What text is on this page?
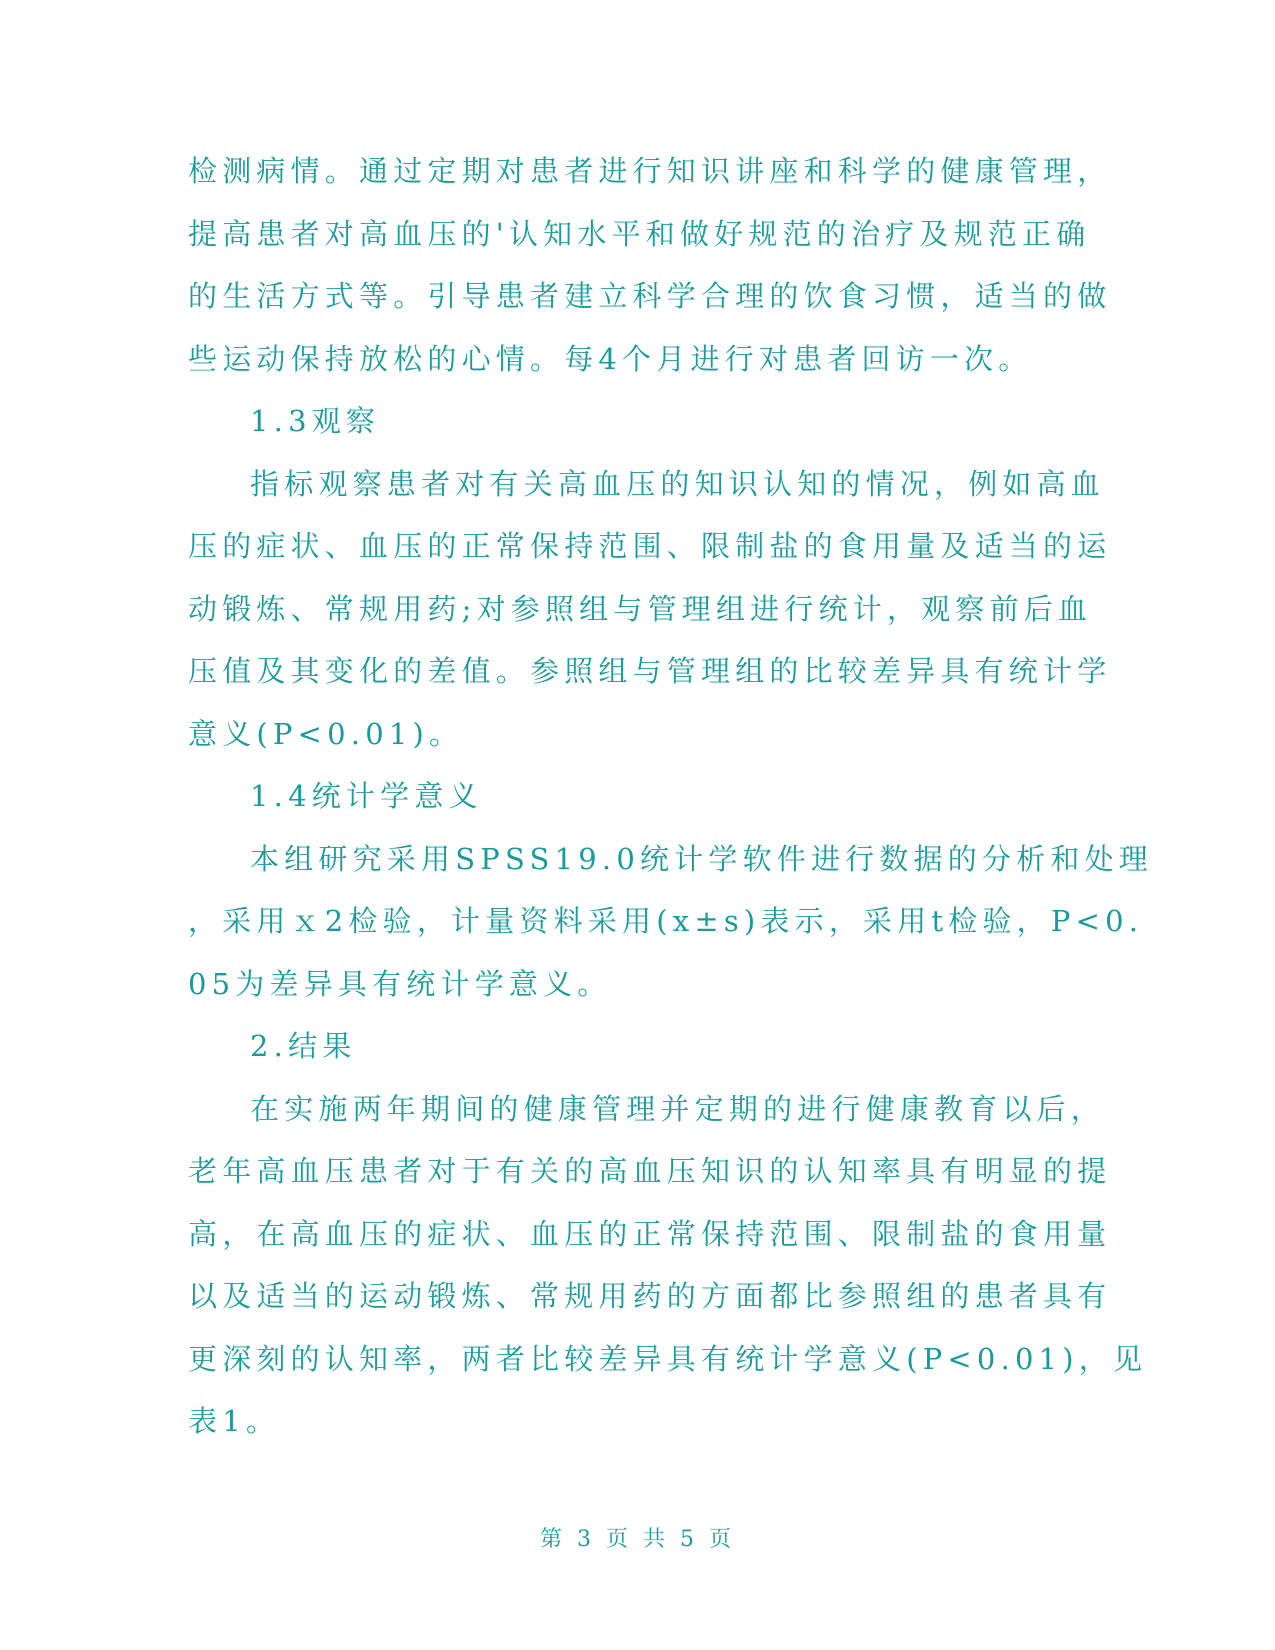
检测病情。通过定期对患者进行知识讲座和科学的健康管理，
提高患者对高血压的'认知水平和做好规范的治疗及规范正确
的生活方式等。引导患者建立科学合理的饮食习惯，适当的做
些运动保持放松的心情。每4个月进行对患者回访一次。
1.3观察
指标观察患者对有关高血压的知识认知的情况，例如高血
压的症状、血压的正常保持范围、限制盐的食用量及适当的运
动锻炼、常规用药;对参照组与管理组进行统计，观察前后血
压值及其变化的差值。参照组与管理组的比较差异具有统计学
意义(P<0.01)。
1.4统计学意义
本组研究采用SPSS19.0统计学软件进行数据的分析和处理
，采用ｘ2检验，计量资料采用(x±s)表示，采用t检验，P<0.
05为差异具有统计学意义。
2.结果
在实施两年期间的健康管理并定期的进行健康教育以后，
老年高血压患者对于有关的高血压知识的认知率具有明显的提
高，在高血压的症状、血压的正常保持范围、限制盐的食用量
以及适当的运动锻炼、常规用药的方面都比参照组的患者具有
更深刻的认知率，两者比较差异具有统计学意义(P<0.01)，见
表1。
第 3 页 共 5 页
